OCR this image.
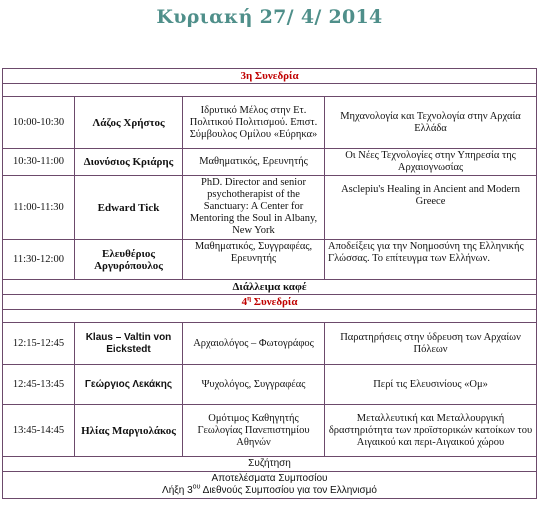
Κυριακή 27/ 4/ 2014
3η Συνεδρία			

10:00-10:30	Λάζος Χρήστος	Ιδρυτικό Μέλος στην Ετ. Πολιτικού Πολιτισμού. Επιστ. Σύμβουλος Ομίλου «Εύρηκα»	Μηχανολογία και Τεχνολογία στην Αρχαία Ελλάδα
10:30-11:00	Διονύσιος Κριάρης	Μαθηματικός, Ερευνητής	Οι Νέες Τεχνολογίες στην Υπηρεσία της Αρχαιογνωσίας
11:00-11:30	Edward Tick	PhD. Director and senior psychotherapist of the Sanctuary: A Center for Mentoring the Soul in Albany, New York	Asclepiu's Healing in Ancient and Modern Greece
11:30-12:00	Ελευθέριος Αργυρόπουλος	Μαθηματικός, Συγγραφέας, Ερευνητής	Αποδείξεις για την Νοημοσύνη της Ελληνικής Γλώσσας. Το επίτευγμα των Ελλήνων.
Διάλλειμα καφέ			
$4^\eta$ Συνεδρία			

12:15-12:45	Klaus – Valtin von Eickstedt	Αρχαιολόγος – Φωτογράφος	Παρατηρήσεις στην ύδρευση των Αρχαίων Πόλεων
12:45-13:45	Γεώργιος Λεκάκης	Ψυχολόγος, Συγγραφέας	Περί τις Ελευσινίους «Ομ»
13:45-14:45	Ηλίας Μαργιολάκος	Ομότιμος Καθηγητής Γεωλογίας Πανεπιστημίου Αθηνών	Μεταλλευτική και Μεταλλουργική δραστηριότητα των προϊστορικών κατοίκων του Αιγαικού και περι-Αιγαικού χώρου
Συζήτηση			

Αποτελέσματα Συμποσίου
Λήξη $3^{o\upsilon}$ Διεθνούς Συμποσίου για τον Ελληνισμό			
